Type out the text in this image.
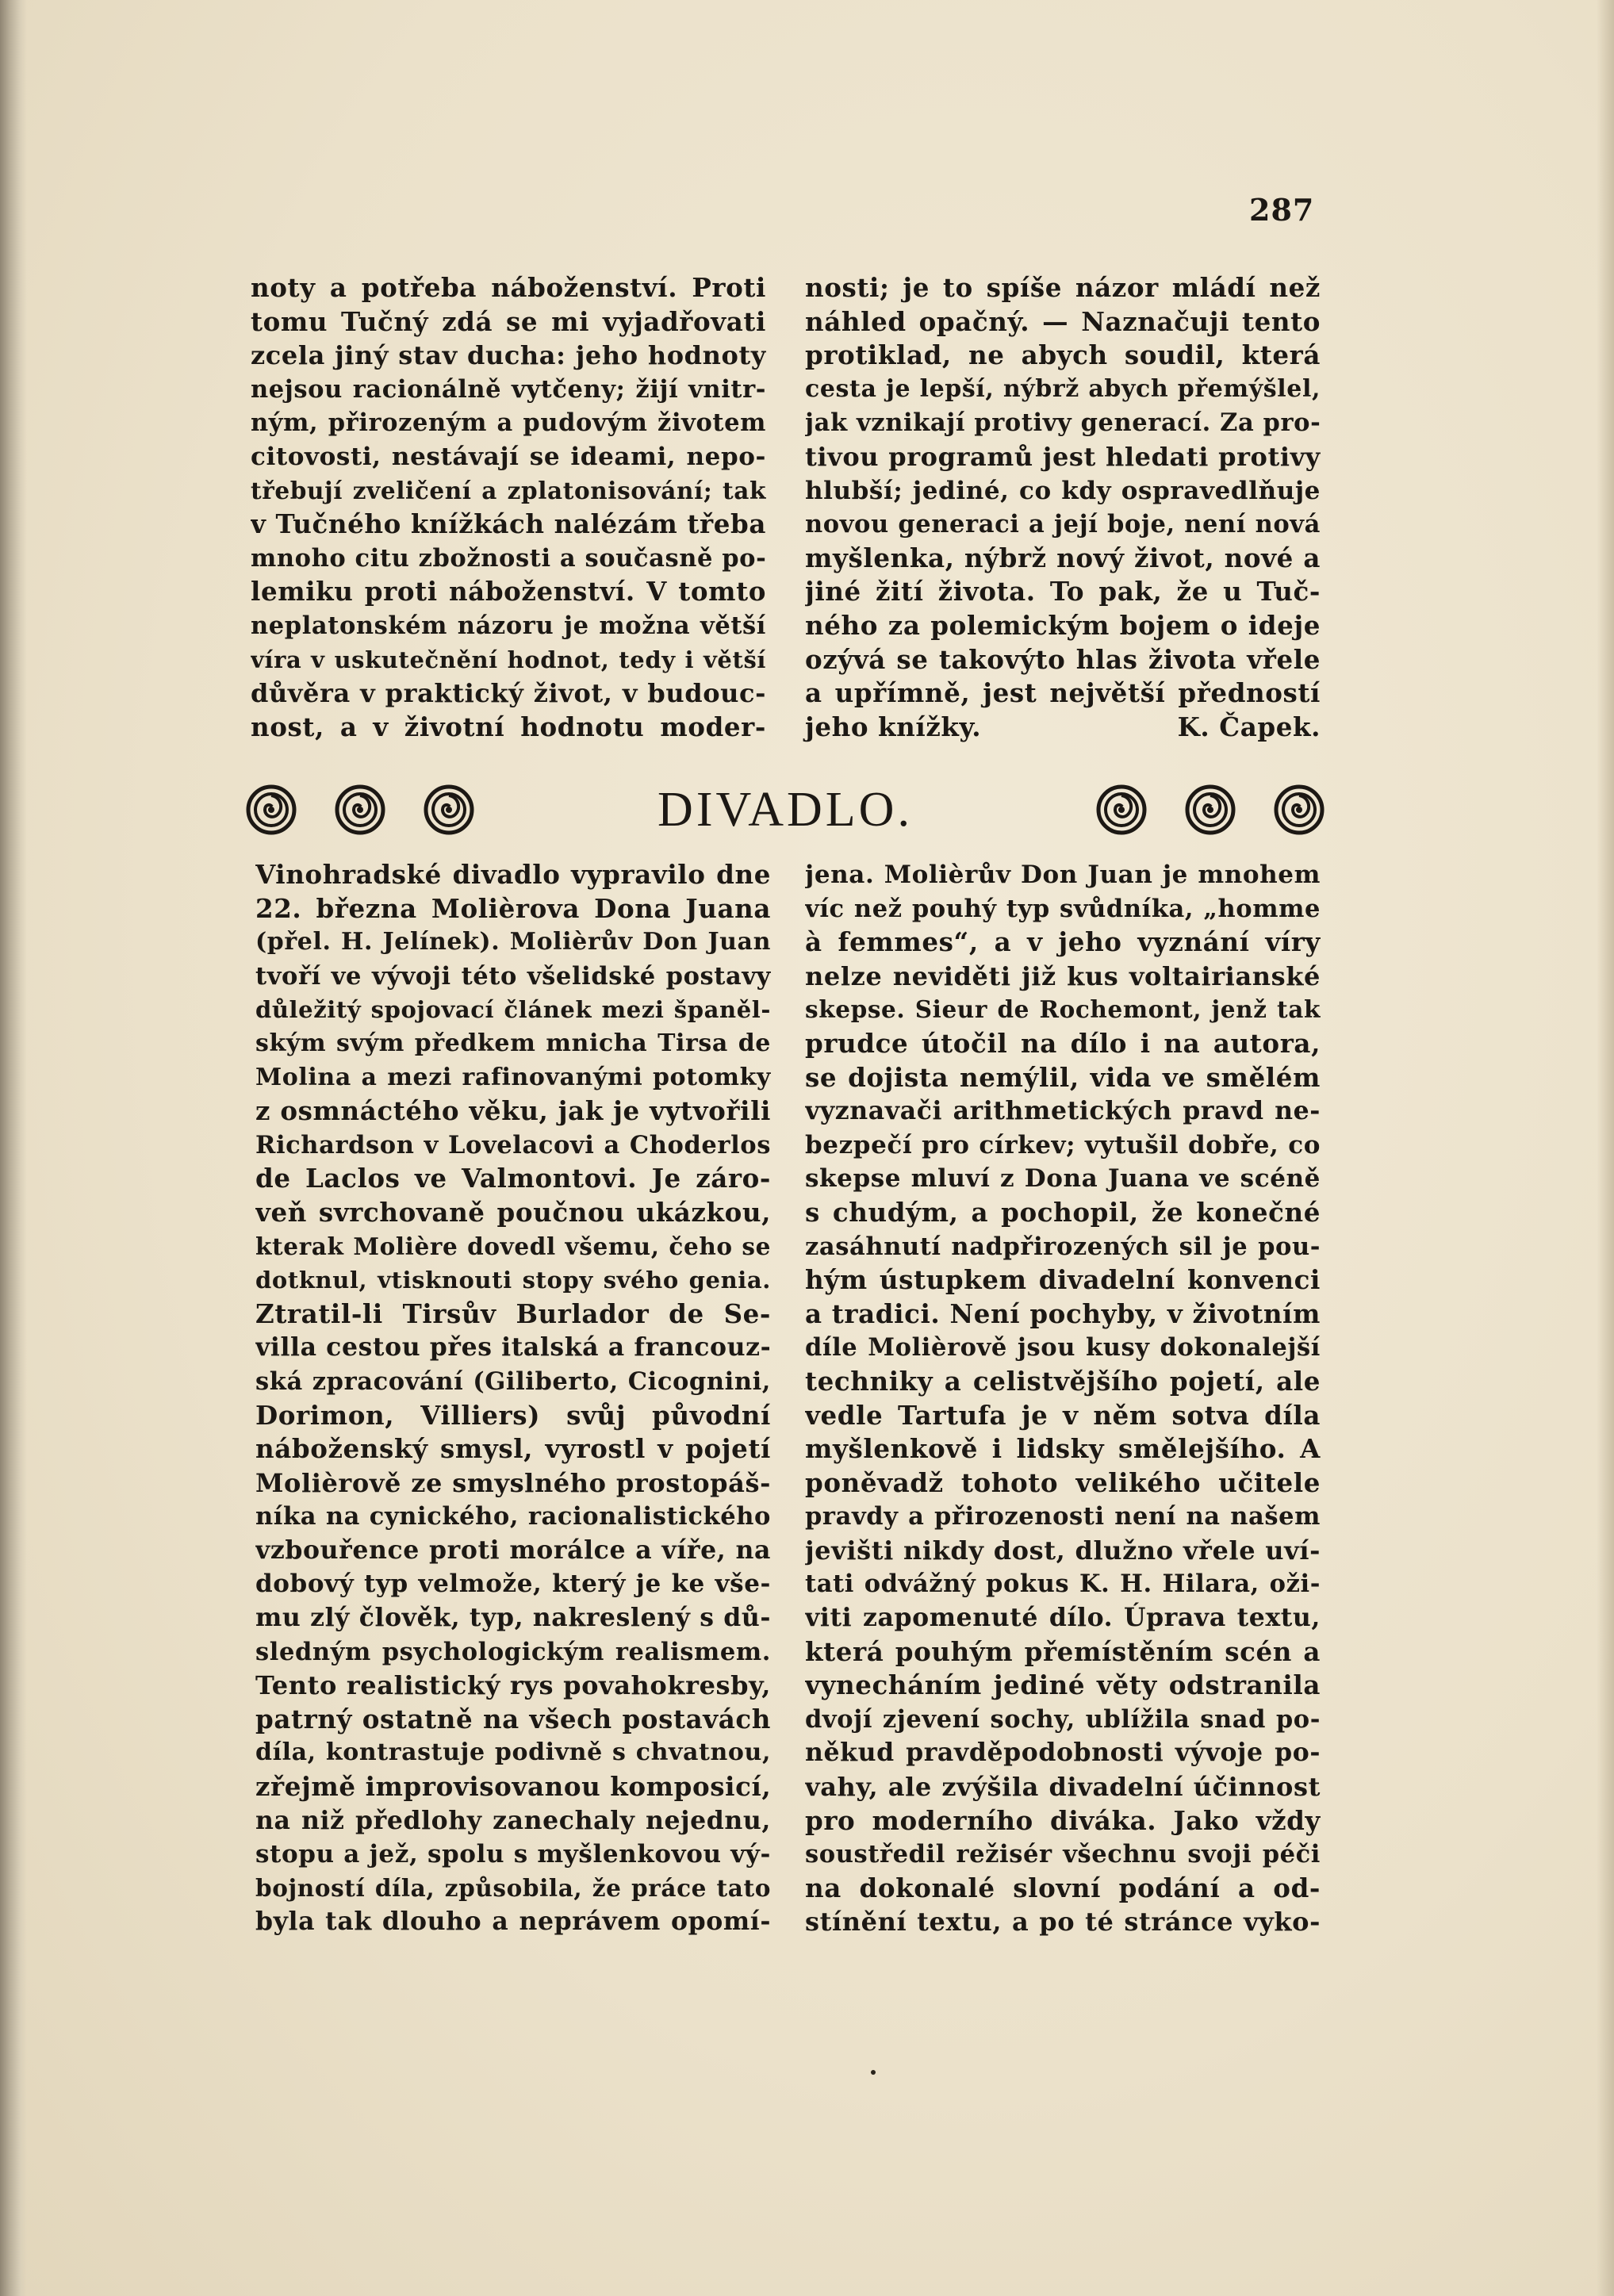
287
noty a potřeba náboženství. Proti
tomu Tučný zdá se mi vyjadřovati
zcela jiný stav ducha: jeho hodnoty
nejsou racionálně vytčeny; žijí vnitr-
ným, přirozeným a pudovým životem
citovosti, nestávají se ideami, nepo-
třebují zveličení a zplatonisování; tak
v Tučného knížkách nalézám třeba
mnoho citu zbožnosti a současně po-
lemiku proti náboženství. V tomto
neplatonském názoru je možna větší
víra v uskutečnění hodnot, tedy i větší
důvěra v praktický život, v budouc-
nost, a v životní hodnotu moder-
nosti; je to spíše názor mládí než
náhled opačný. — Naznačuji tento
protiklad, ne abych soudil, která
cesta je lepší, nýbrž abych přemýšlel,
jak vznikají protivy generací. Za pro-
tivou programů jest hledati protivy
hlubší; jediné, co kdy ospravedlňuje
novou generaci a její boje, není nová
myšlenka, nýbrž nový život, nové a
jiné žití života. To pak, že u Tuč-
ného za polemickým bojem o ideje
ozývá se takovýto hlas života vřele
a upřímně, jest největší předností
jeho knížky.	K. Čapek.
DIVADLO.
Vinohradské divadlo vypravilo dne
22. března Molièrova Dona Juana
(přel. H. Jelínek). Molièrův Don Juan
tvoří ve vývoji této všelidské postavy
důležitý spojovací článek mezi španěl-
ským svým předkem mnicha Tirsa de
Molina a mezi rafinovanými potomky
z osmnáctého věku, jak je vytvořili
Richardson v Lovelacovi a Choderlos
de Laclos ve Valmontovi. Je záro-
veň svrchovaně poučnou ukázkou,
kterak Molière dovedl všemu, čeho se
dotknul, vtisknouti stopy svého genia.
Ztratil-li Tirsův Burlador de Se-
villa cestou přes italská a francouz-
ská zpracování (Giliberto, Cicognini,
Dorimon, Villiers) svůj původní
náboženský smysl, vyrostl v pojetí
Molièrově ze smyslného prostopáš-
níka na cynického, racionalistického
vzbouřence proti morálce a víře, na
dobový typ velmože, který je ke vše-
mu zlý člověk, typ, nakreslený s dů-
sledným psychologickým realismem.
Tento realistický rys povahokresby,
patrný ostatně na všech postavách
díla, kontrastuje podivně s chvatnou,
zřejmě improvisovanou komposicí,
na niž předlohy zanechaly nejednu,
stopu a jež, spolu s myšlenkovou vý-
bojností díla, způsobila, že práce tato
byla tak dlouho a neprávem opomí-
jena. Molièrův Don Juan je mnohem
víc než pouhý typ svůdníka, „homme
à femmes“, a v jeho vyznání víry
nelze neviděti již kus voltairianské
skepse. Sieur de Rochemont, jenž tak
prudce útočil na dílo i na autora,
se dojista nemýlil, vida ve smělém
vyznavači arithmetických pravd ne-
bezpečí pro církev; vytušil dobře, co
skepse mluví z Dona Juana ve scéně
s chudým, a pochopil, že konečné
zasáhnutí nadpřirozených sil je pou-
hým ústupkem divadelní konvenci
a tradici. Není pochyby, v životním
díle Molièrově jsou kusy dokonalejší
techniky a celistvějšího pojetí, ale
vedle Tartufa je v něm sotva díla
myšlenkově i lidsky smělejšího. A
poněvadž tohoto velikého učitele
pravdy a přirozenosti není na našem
jevišti nikdy dost, dlužno vřele uví-
tati odvážný pokus K. H. Hilara, oži-
viti zapomenuté dílo. Úprava textu,
která pouhým přemístěním scén a
vynecháním jediné věty odstranila
dvojí zjevení sochy, ublížila snad po-
někud pravděpodobnosti vývoje po-
vahy, ale zvýšila divadelní účinnost
pro moderního diváka. Jako vždy
soustředil režisér všechnu svoji péči
na dokonalé slovní podání a od-
stínění textu, a po té stránce vyko-
